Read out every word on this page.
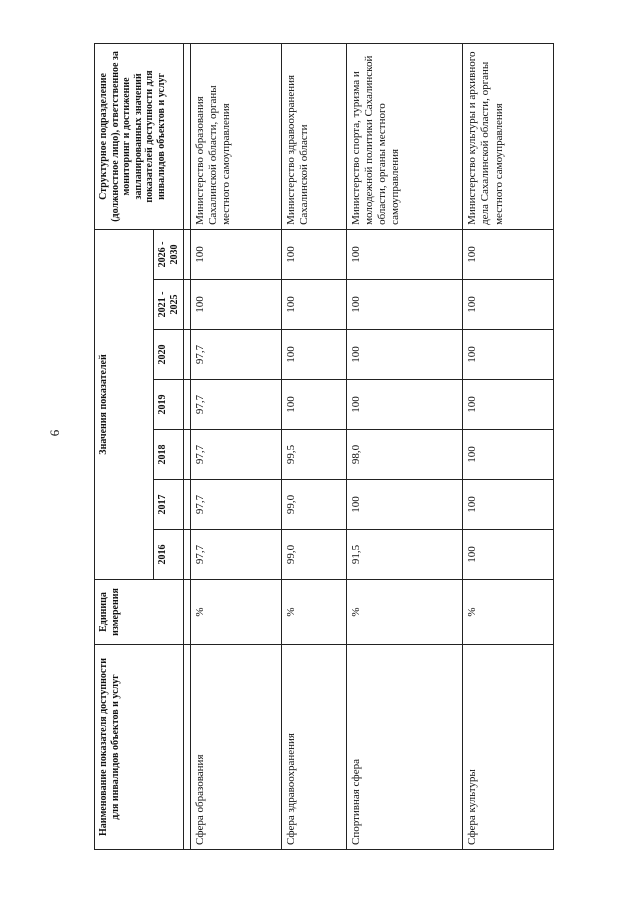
6
Наименование показателя доступности для инвалидов объектов и услуг	Единица измерения	Значения показателей							Структурное подразделение (должностное лицо), ответственное за мониторинг и достижение запланированных значений показателей доступности для инвалидов объектов и услуг
		2016	2017	2018	2019	2020	2021 - 2025	2026 - 2030	

Сфера образования	%	97,7	97,7	97,7	97,7	97,7	100	100	Министерство образования Сахалинской области, органы местного самоуправления
Сфера здравоохранения	%	99,0	99,0	99,5	100	100	100	100	Министерство здравоохранения Сахалинской области
Спортивная сфера	%	91,5	100	98,0	100	100	100	100	Министерство спорта, туризма и молодежной политики Сахалинской области, органы местного самоуправления
Сфера культуры	%	100	100	100	100	100	100	100	Министерство культуры и архивного дела Сахалинской области, органы местного самоуправления
